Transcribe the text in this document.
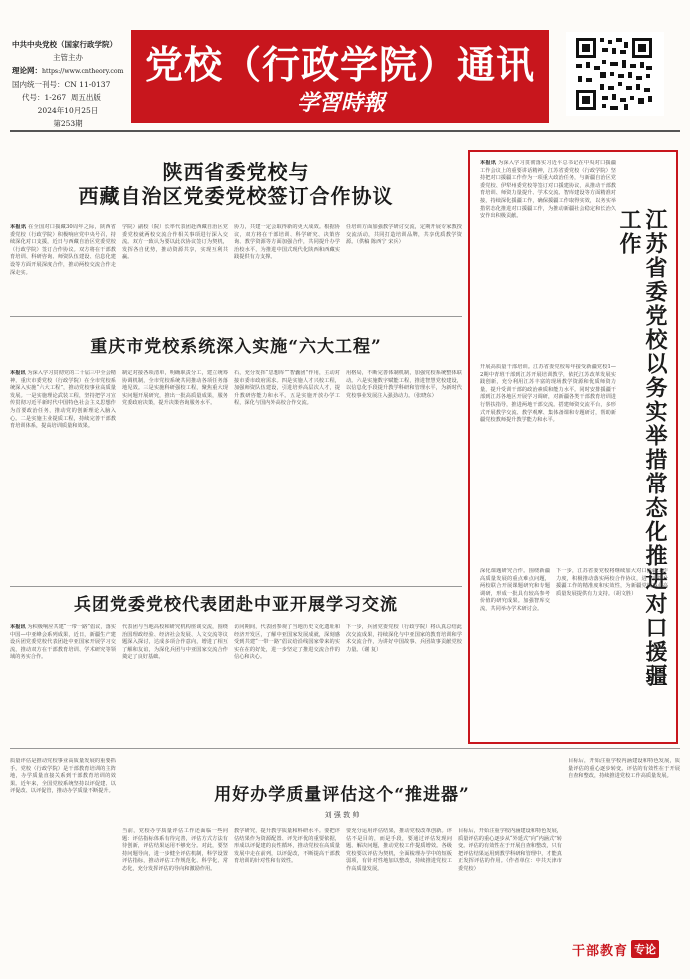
中共中央党校（国家行政学院）
主管主办
理论网：https://www.cntheory.com
国内统一刊号：CN 11-0137
代号：1-267 周五出版
2024年10月25日
第253期
党校（行政学院）通讯
学習時報
陕西省委党校与
西藏自治区党委党校签订合作协议
本报讯 在全国对口援藏30周年之际，陕西省委党校（行政学院）积极响应党中央号召，持续深化对口支援，近日与西藏自治区党委党校（行政学院）签订合作协议。双方将在干部教育培训、科研咨询、师资队伍建设、信息化建设等方面开展深度合作，推动两校交流合作走深走实。
学院）副校（院）长率代表团赴西藏自治区党委党校就两校交流合作相关事项进行深入交流。双方一致认为要以此次协议签订为契机，发挥各自优势，推动资源共享，实现互利共赢。
协力，共建一定会取得新的更大成效。根据协议，双方将在干部培训、科学研究、决策咨询、教学资源等方面加强合作，共同提升办学治校水平，为推进中国式现代化陕西和西藏实践提供有力支撑。
任培训方面加强教学研讨交流，定期开展专家教授交流活动，共同打造培训品牌，共享优质教学资源。（供稿 陈西宁 宋兵）
重庆市党校系统深入实施“六大工程”
本报讯 为深入学习贯彻党的二十届三中全会精神，重庆市委党校（行政学院）在全市党校系统深入实施“六大工程”，推动党校事业高质量发展。一是实施理论武装工程，坚持把学习宣传贯彻习近平新时代中国特色社会主义思想作为首要政治任务，推动党的创新理论入脑入心。二是实施主业提质工程，持续完善干部教育培训体系，提高培训质量和效果。
制定对接各项清单，明确职责分工，建立统筹协调机制，全市党校系统共同推动各项任务落地见效。三是实施科研强校工程，聚焦重大现实问题开展研究，推出一批高质量成果，服务党委政府决策，提升决策咨询服务水平。
石，充分发挥“思想库”“智囊团”作用，主动对接市委市政府需求。四是实施人才兴校工程，加强师资队伍建设，引进培养高层次人才，提升教研咨能力和水平。五是实施开放办学工程，深化与国内外高校合作交流。
用格局，不断完善体制机制，加强党校系统整体联动。六是实施数字赋能工程，推进智慧党校建设，以信息化手段提升教学科研和管理水平，为新时代党校事业发展注入强劲动力。（张晓东）
兵团党委党校代表团赴中亚开展学习交流
本报讯 为积极响应共建“一带一路”倡议，落实中国—中亚峰会系列成果，近日，新疆生产建设兵团党委党校代表团赴中亚国家开展学习交流，推动双方在干部教育培训、学术研究等领域的务实合作。
代表团与当地高校和研究机构座谈交流，围绕治国理政经验、经济社会发展、人文交流等议题深入探讨，达成多项合作意向，增进了相互了解和友谊，为深化兵团与中亚国家交流合作奠定了良好基础。
访问期间，代表团参观了当地历史文化遗址和经济开发区，了解中亚国家发展成就，深刻感受到共建“一带一路”倡议给沿线国家带来的实实在在的好处，进一步坚定了推进交流合作的信心和决心。
下一步，兵团党委党校（行政学院）将认真总结此次交流成果，持续深化与中亚国家的教育培训和学术交流合作，为讲好中国故事、兵团故事贡献党校力量。（谢 复）	江苏省委党校以务实举措常态化推进对口援疆工作
本报讯 为深入学习贯彻落实习近平总书记在中央对口援疆工作会议上的重要讲话精神，江苏省委党校（行政学院）坚持把对口援疆工作作为一项重大政治任务，与新疆自治区党委党校、伊犁州委党校等签订对口援建协议，从推动干部教育培训、师资力量提升、学术交流、智库建设等方面精准对接，持续深化援疆工作，确保援疆工作取得实效，以务实举措常态化推进对口援疆工作，为推动新疆社会稳定和长治久安作出积极贡献。
开展高质量干部培训。江苏省委党校每年接受新疆党校1—2期中青班干部到江苏开展培训教学，依托江苏改革发展实践创新，充分利用江苏丰富的现场教学资源和优质师资力量，提升受训干部的政治素质和能力水平。同时安排援疆干部到江苏各地区开展学习调研，对新疆各类干部教育培训进行帮扶指导，推进两地干部交流。搭建师资交流平台，多形式开展教学交流、教学观摩、集体备课和专题研讨，帮助新疆党校教师提升教学能力和水平。
深化课题研究合作。围绕新疆高质量发展的重点难点问题，两校联合开展课题研究和专题调研，形成一批具有较高参考价值的研究成果。加强智库交流，共同举办学术研讨会。
下一步，江苏省委党校将继续加大对口援疆工作力度，积极推动落实两校合作协议，进一步提升援疆工作的精准度和实效性，为新疆党校事业高质量发展提供有力支持。（胡文胜）
质量评估是推动党校事业高质量发展的重要抓手。党校（行政学院）是干部教育培训的主阵地，办学质量直接关系到干部教育培训的效果。近年来，全国党校系统坚持以评促建、以评促改、以评促管，推动办学质量不断提升。	用好办学质量评估这个“推进器”
刘 强 敦 帅
当前，党校办学质量评估工作还面临一些问题：评估指标体系有待完善，评估方式方法有待创新，评估结果运用不够充分。对此，要坚持问题导向，进一步健全评估机制，科学设置评估指标，推动评估工作规范化、科学化、常态化，充分发挥评估的导向和激励作用。
教学研究，提升教学质量和科研水平。要把评估结果作为资源配置、评先评优的重要依据，形成以评促建的良性循环，推动党校在高质量发展中走在前列，以评促改，不断提高干部教育培训的针对性和有效性。
要充分运用评估结果，推动党校改革创新。评估不是目的，而是手段，要通过评估发现问题、解决问题，推动党校工作提质增效。各级党校要以评估为契机，全面梳理办学中的短板弱项，有针对性地加以整改，持续推进党校工作高质量发展。
目标后，开始注重学校内涵建设和特色发展，质量评估的重心逐步从“外延式”向“内涵式”转变。评估的有效性在于开展自查和整改，只有把评估结果运用到教学科研和管理中，才能真正发挥评估的作用。（作者单位：中共天津市委党校）
目标后，开始注重学校内涵建设和特色发展，质量评估的重心逐步转变。评估的有效性在于开展自查和整改，持续推进党校工作高质量发展。
干部教育 专论
